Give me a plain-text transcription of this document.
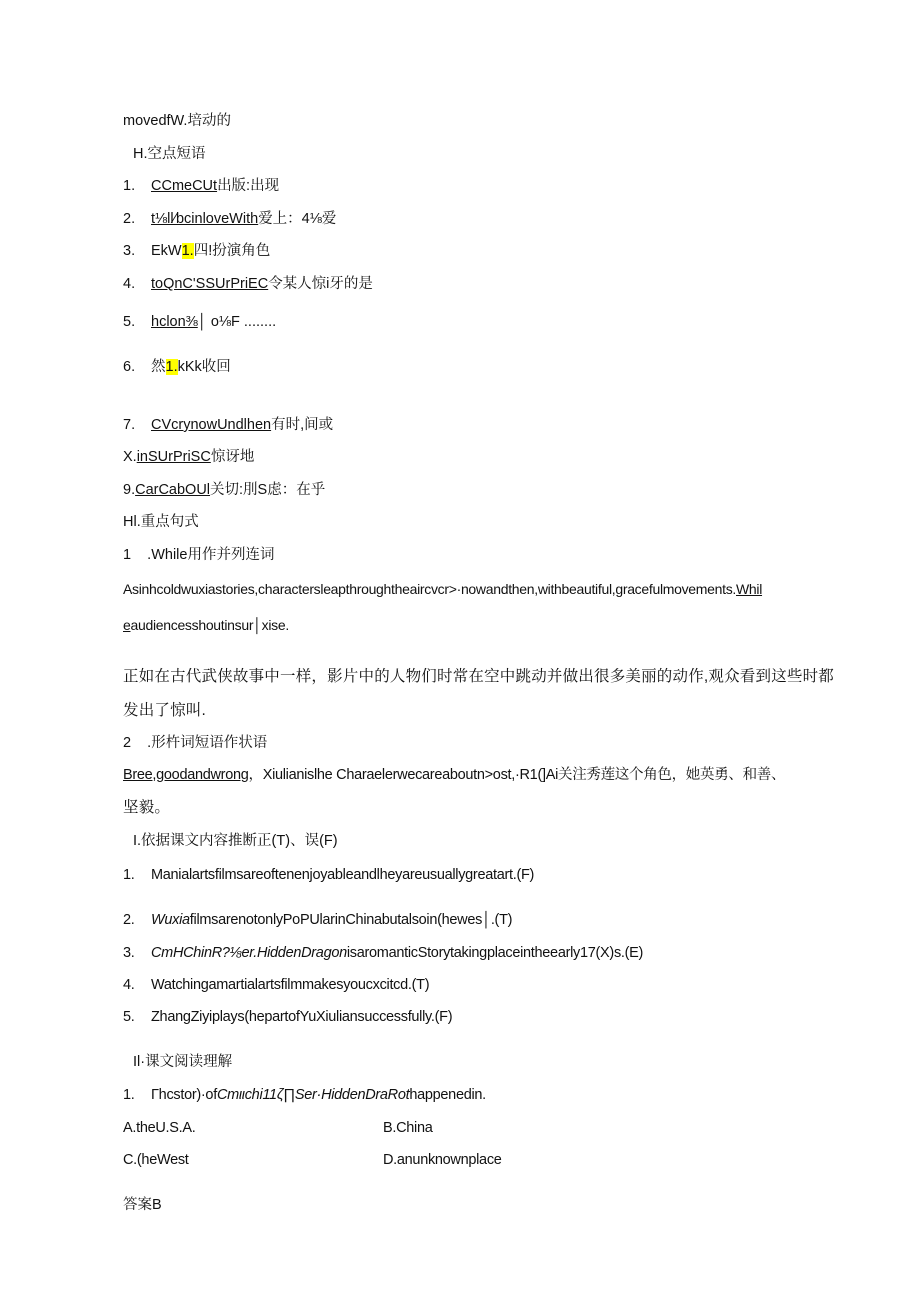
movedfW.培动的
H.空点短语
1. CCmeCUt出版:出现
2. t⅛ll⁄bcinloveWith爱上：4⅛爱
3. EkW1.四!扮演角色
4. toQnC'SSUrPriEC令某人惊i牙的是
5. hclon⅜│ o⅛F ........
6. 然1.kKk收回
7. CVcrynowUndlhen有时,间或
X.inSUrPriSC惊讶地
9.CarCabOUl关切:刖S虑：在乎
Hl.重点句式
1    .While用作并列连词
Asinhcoldwuxiastories,charactersleapthroughtheaircvcr>·nowandthen,withbeautiful,gracefulmovements.Whil
eaudiencesshoutinsur│xise.
正如在古代武侠故事中一样，影片中的人物们时常在空中跳动并做出很多美丽的动作,观众看到这些时都
发出了惊叫.
2    .形杵词短语作状语
Bree,goodandwrong，Xiulianislhe Charaelerwecareaboutn>ost,·R1(]Ai关注秀莲这个角色，她英勇、和善、
坚毅。
I.依据课文内容推断正(T)、误(F)
1. Manialartsfilmsareoftenenjoyableandlheyareusuallygreatart.(F)
2. WuxiafilmsarenotonlyPoPUlarinChinabutalsoin(hewes│.(T)
3. CmHChinR?⅛er.HiddenDragonisaromanticStorytakingplaceintheearly17(X)s.(E)
4. Watchingamartialartsfilmmakesyoucxcitcd.(T)
5. ZhangZiyiplays(hepartofYuXiuliansuccessfully.(F)
Il·课文阅读理解
1. Γhcstor)·ofCmιιchi11ζ∏Ser·HiddenDraRothappenedin.
A.theU.S.A.	B.China
C.(heWest	D.anunknownplace
答案B
